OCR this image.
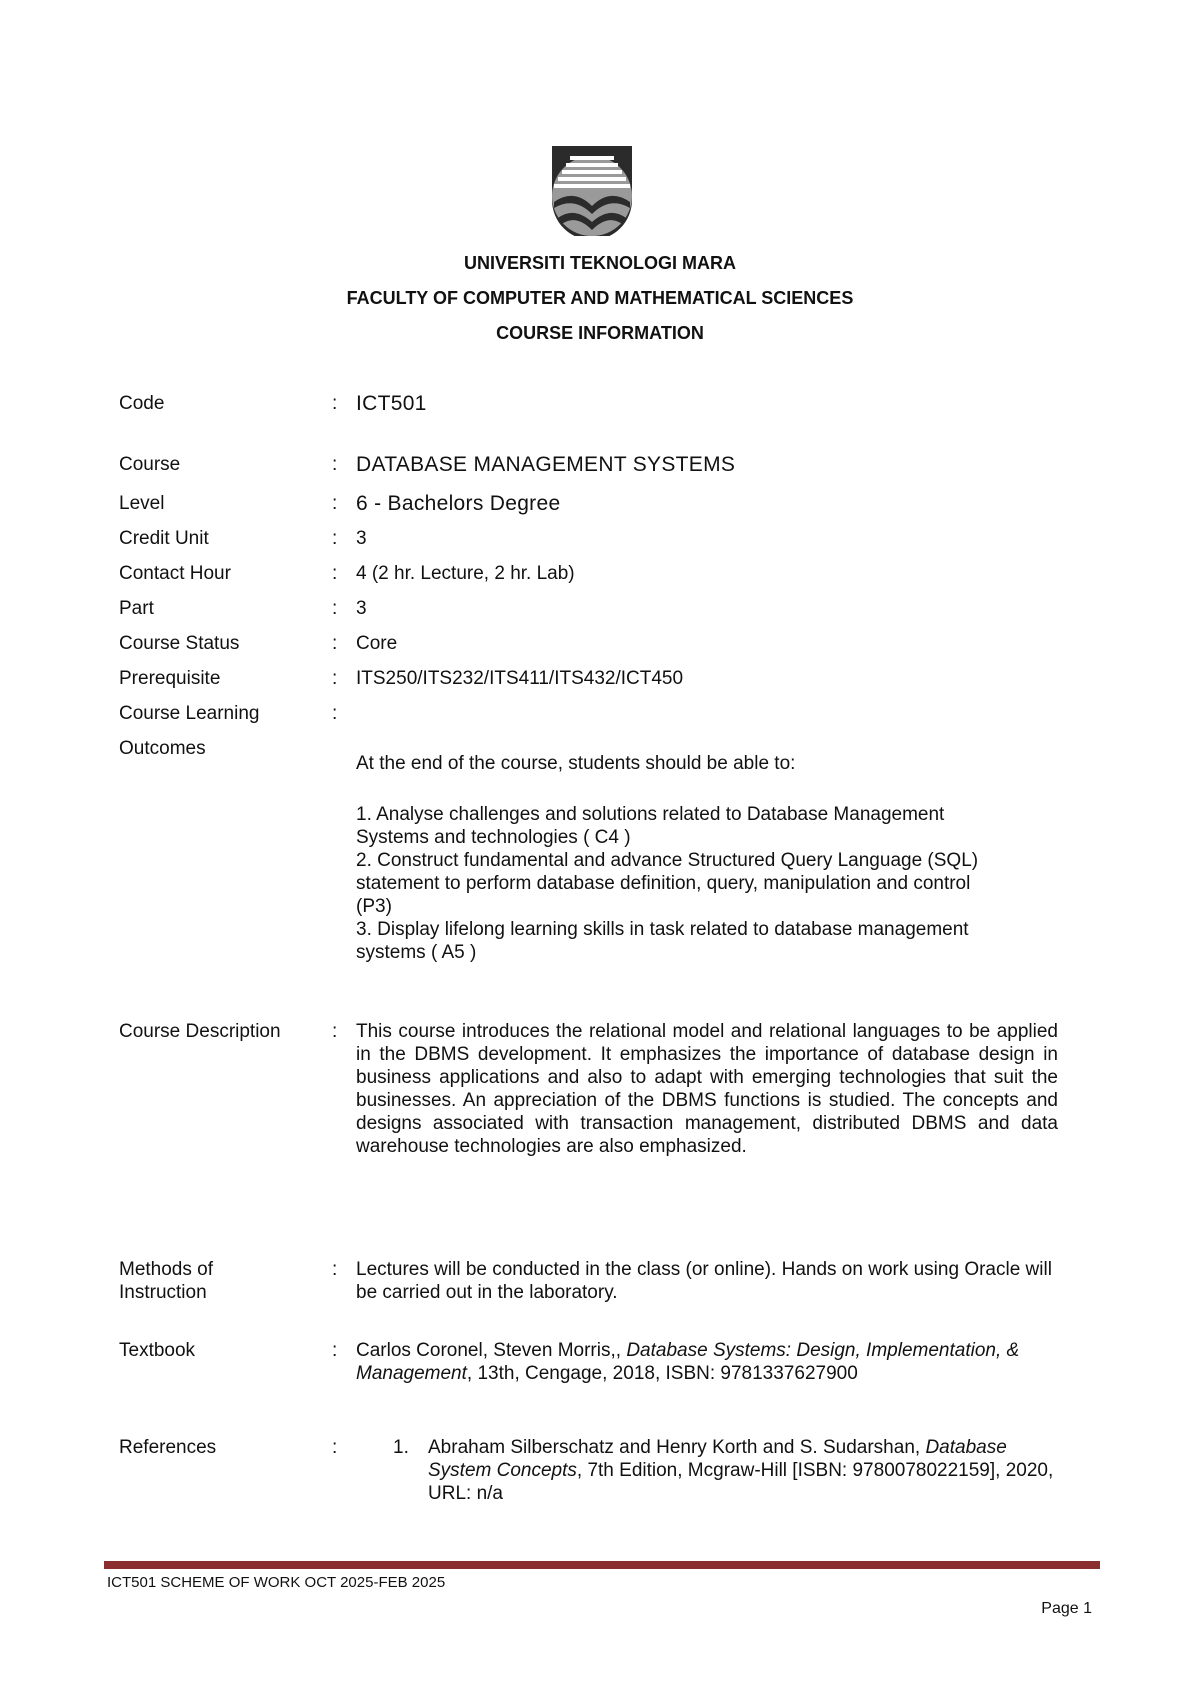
UNIVERSITI TEKNOLOGI MARA
FACULTY OF COMPUTER AND MATHEMATICAL SCIENCES
COURSE INFORMATION
Code	: ICT501
Course	: DATABASE MANAGEMENT SYSTEMS
Level	: 6 - Bachelors Degree
Credit Unit	: 3
Contact Hour	: 4 (2 hr. Lecture, 2 hr. Lab)
Part	: 3
Course Status	: Core
Prerequisite	: ITS250/ITS232/ITS411/ITS432/ICT450
Course Learning	:
Outcomes
At the end of the course, students should be able to:
1. Analyse challenges and solutions related to Database Management Systems and technologies ( C4 )
2. Construct fundamental and advance Structured Query Language (SQL) statement to perform database definition, query, manipulation and control (P3)
3. Display lifelong learning skills in task related to database management systems ( A5 )
Course Description	: This course introduces the relational model and relational languages to be applied in the DBMS development. It emphasizes the importance of database design in business applications and also to adapt with emerging technologies that suit the businesses. An appreciation of the DBMS functions is studied. The concepts and designs associated with transaction management, distributed DBMS and data warehouse technologies are also emphasized.
Methods of
Instruction
: Lectures will be conducted in the class (or online). Hands on work using Oracle will be carried out in the laboratory.
Textbook	: Carlos Coronel, Steven Morris,, Database Systems: Design, Implementation, & Management, 13th, Cengage, 2018, ISBN: 9781337627900
References	:	1. Abraham Silberschatz and Henry Korth and S. Sudarshan, Database System Concepts, 7th Edition, Mcgraw-Hill [ISBN: 9780078022159], 2020, URL: n/a
ICT501 SCHEME OF WORK OCT 2025-FEB 2025
Page 1
